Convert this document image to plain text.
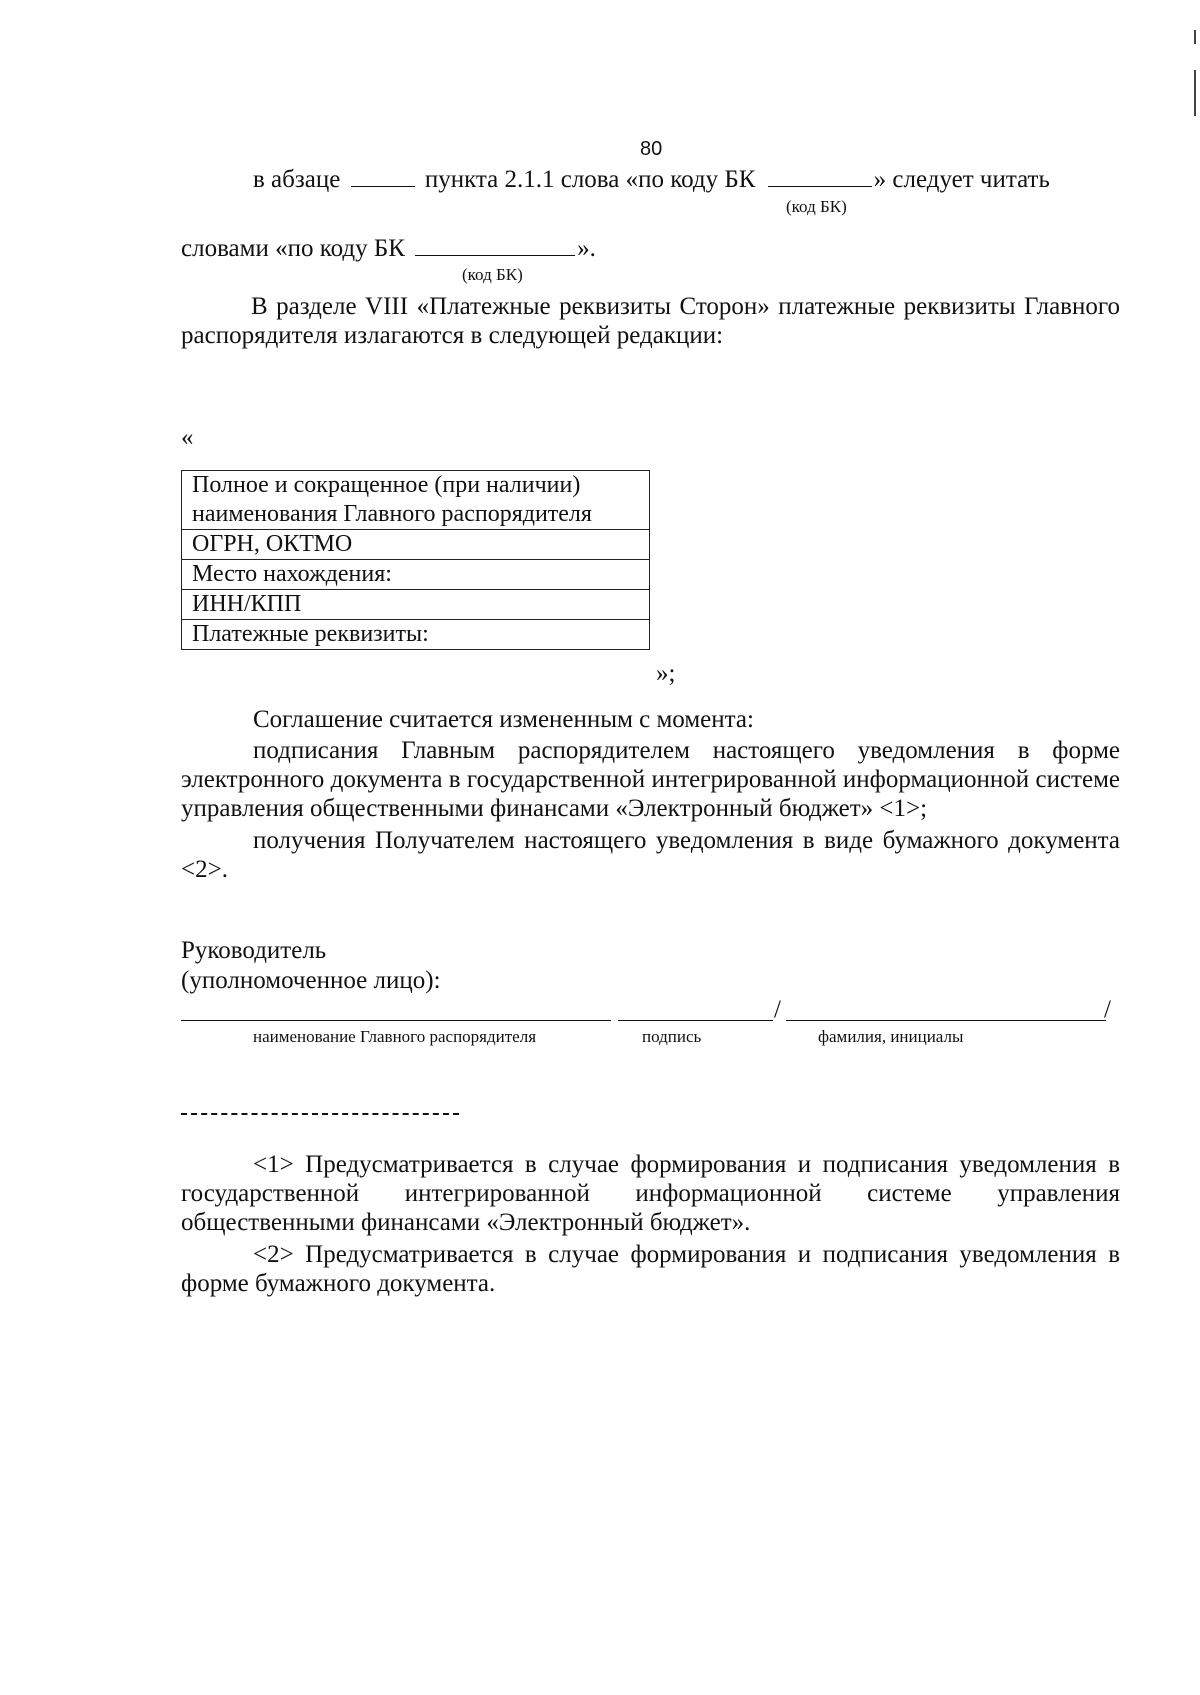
80
в абзаце	пункта 2.1.1 слова «по коду БК	» следует читать
(код БК)
словами «по коду БК	».
(код БК)
В разделе VIII «Платежные реквизиты Сторон» платежные реквизиты Главного распорядителя излагаются в следующей редакции:
«
Полное и сокращенное (при наличии) наименования Главного распорядителя
ОГРН, ОКТМО
Место нахождения:
ИНН/КПП
Платежные реквизиты:
»;
Соглашение считается измененным с момента:
подписания Главным распорядителем настоящего уведомления в форме электронного документа в государственной интегрированной информационной системе управления общественными финансами «Электронный бюджет» <1>;
получения Получателем настоящего уведомления в виде бумажного документа <2>.
Руководитель
(уполномоченное лицо):
/	/
наименование Главного распорядителя	подпись	фамилия, инициалы
<1> Предусматривается в случае формирования и подписания уведомления в государственной интегрированной информационной системе управления общественными финансами «Электронный бюджет».
<2> Предусматривается в случае формирования и подписания уведомления в форме бумажного документа.
